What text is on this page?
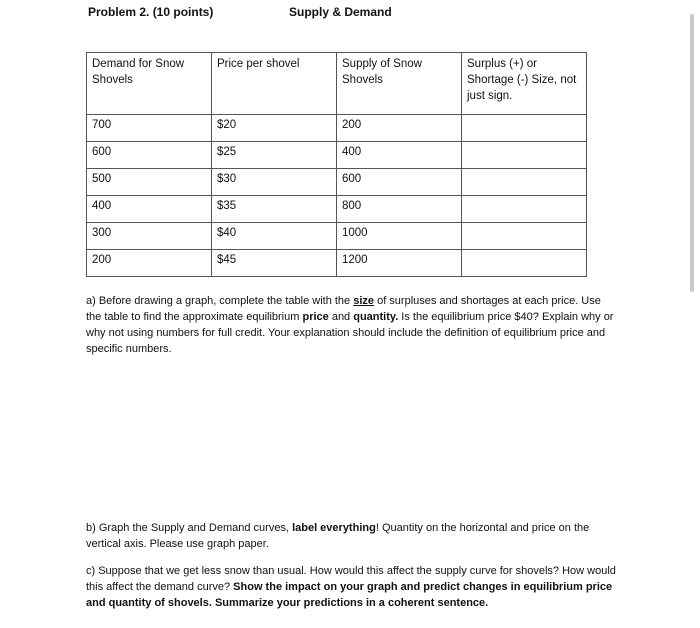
Problem 2. (10 points)	Supply & Demand
Demand for Snow Shovels	Price per shovel	Supply of Snow Shovels	Surplus (+) or Shortage (-) Size, not just sign.
700	$20	200	
600	$25	400	
500	$30	600	
400	$35	800	
300	$40	1000	
200	$45	1200	
a) Before drawing a graph, complete the table with the size of surpluses and shortages at each price. Use the table to find the approximate equilibrium price and quantity. Is the equilibrium price $40? Explain why or why not using numbers for full credit. Your explanation should include the definition of equilibrium price and specific numbers.
b) Graph the Supply and Demand curves, label everything! Quantity on the horizontal and price on the vertical axis. Please use graph paper.
c) Suppose that we get less snow than usual. How would this affect the supply curve for shovels? How would this affect the demand curve? Show the impact on your graph and predict changes in equilibrium price and quantity of shovels. Summarize your predictions in a coherent sentence.
